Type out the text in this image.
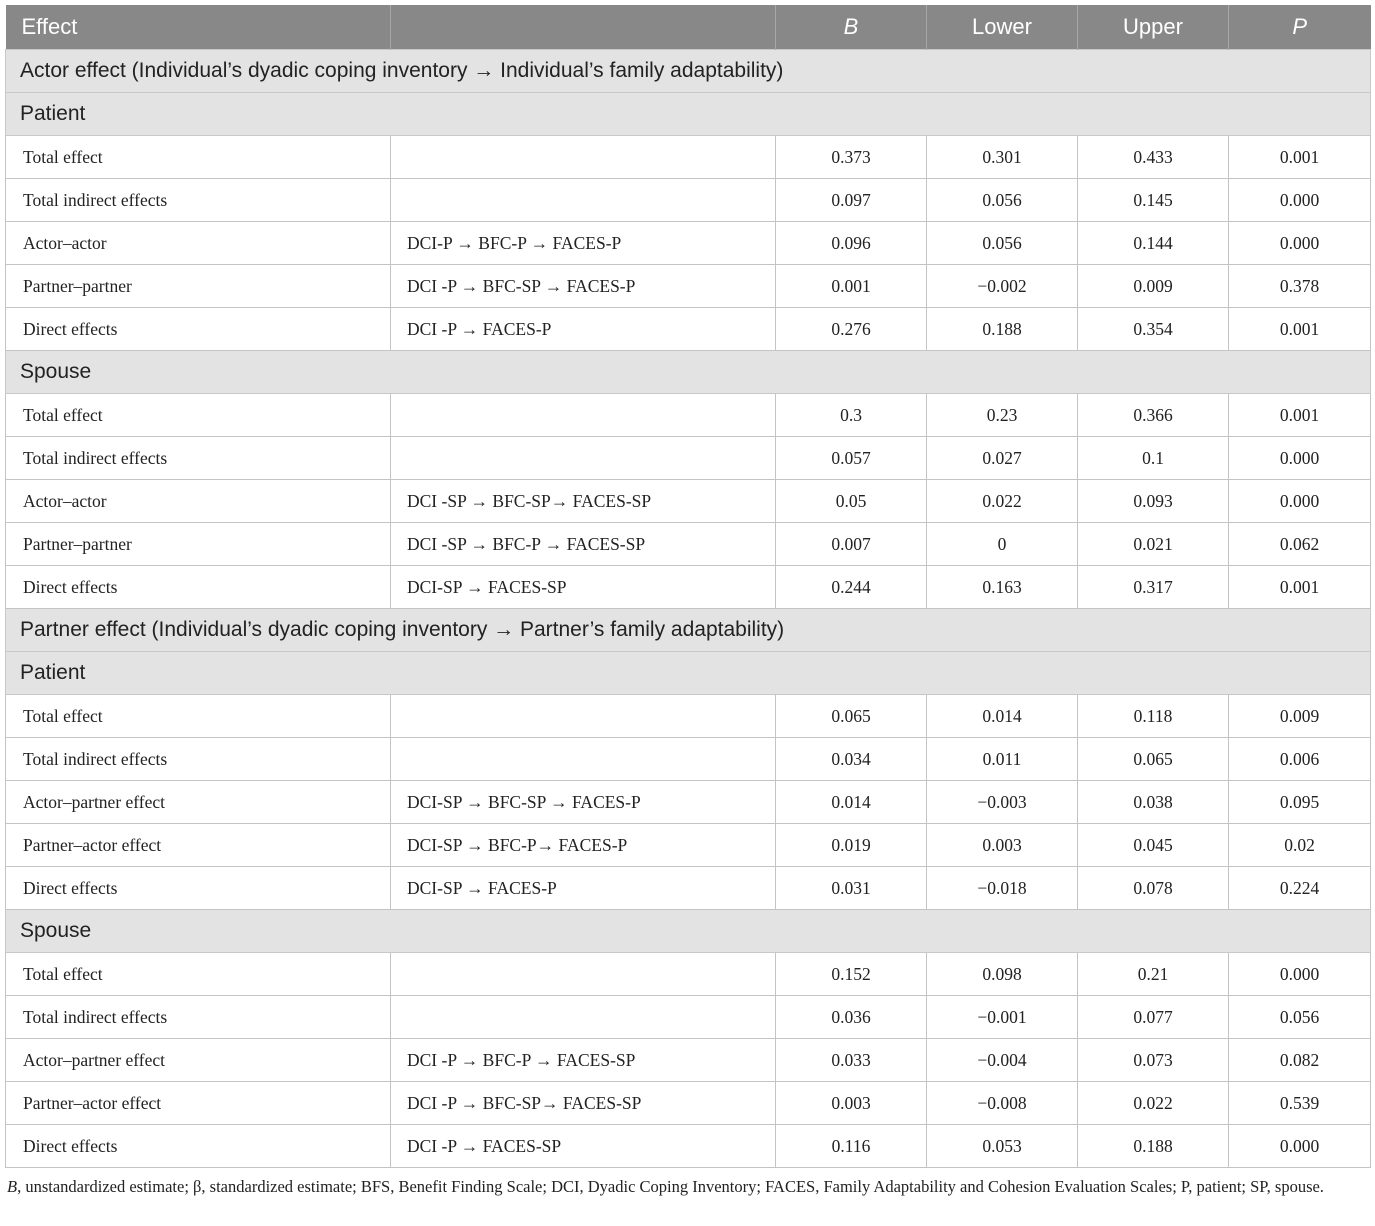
Effect		B	Lower	Upper	P
Actor effect (Individual’s dyadic coping inventory → Individual’s family adaptability)					
Patient					
Total effect		0.373	0.301	0.433	0.001
Total indirect effects		0.097	0.056	0.145	0.000
Actor–actor	DCI-P → BFC-P → FACES-P	0.096	0.056	0.144	0.000
Partner–partner	DCI -P → BFC-SP → FACES-P	0.001	−0.002	0.009	0.378
Direct effects	DCI -P → FACES-P	0.276	0.188	0.354	0.001
Spouse					
Total effect		0.3	0.23	0.366	0.001
Total indirect effects		0.057	0.027	0.1	0.000
Actor–actor	DCI -SP → BFC-SP→ FACES-SP	0.05	0.022	0.093	0.000
Partner–partner	DCI -SP → BFC-P → FACES-SP	0.007	0	0.021	0.062
Direct effects	DCI-SP → FACES-SP	0.244	0.163	0.317	0.001
Partner effect (Individual’s dyadic coping inventory → Partner’s family adaptability)					
Patient					
Total effect		0.065	0.014	0.118	0.009
Total indirect effects		0.034	0.011	0.065	0.006
Actor–partner effect	DCI-SP → BFC-SP → FACES-P	0.014	−0.003	0.038	0.095
Partner–actor effect	DCI-SP → BFC-P→ FACES-P	0.019	0.003	0.045	0.02
Direct effects	DCI-SP → FACES-P	0.031	−0.018	0.078	0.224
Spouse					
Total effect		0.152	0.098	0.21	0.000
Total indirect effects		0.036	−0.001	0.077	0.056
Actor–partner effect	DCI -P → BFC-P → FACES-SP	0.033	−0.004	0.073	0.082
Partner–actor effect	DCI -P → BFC-SP→ FACES-SP	0.003	−0.008	0.022	0.539
Direct effects	DCI -P → FACES-SP	0.116	0.053	0.188	0.000
B, unstandardized estimate; β, standardized estimate; BFS, Benefit Finding Scale; DCI, Dyadic Coping Inventory; FACES, Family Adaptability and Cohesion Evaluation Scales; P, patient; SP, spouse.
